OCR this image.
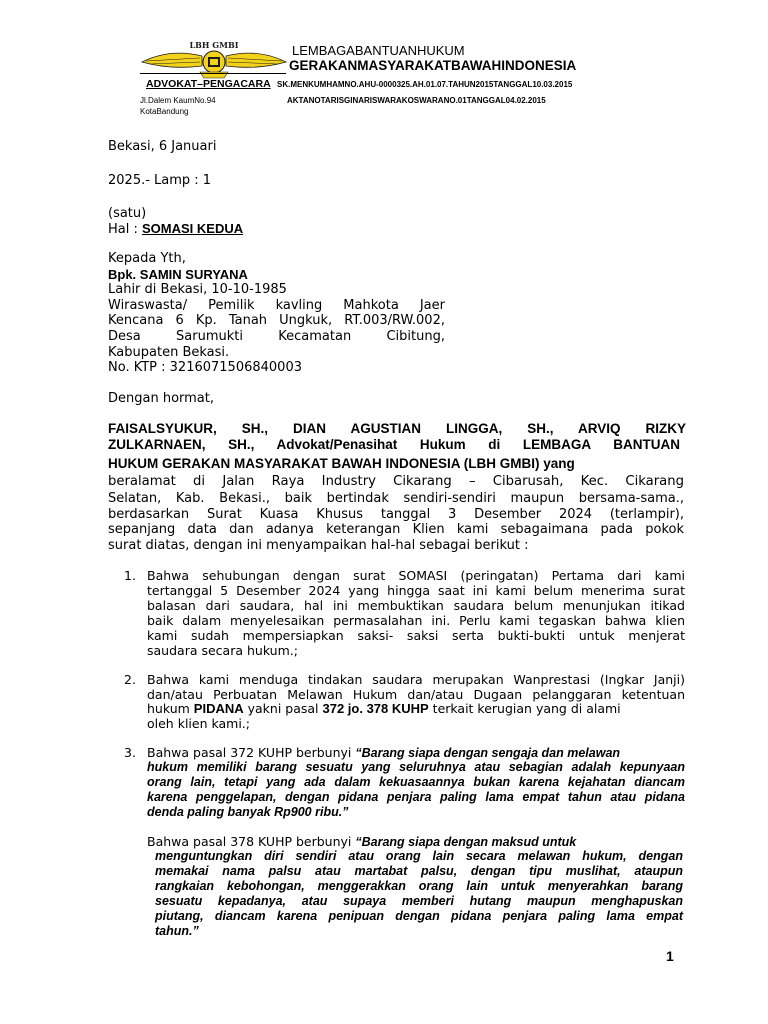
LBH GMBI	LEMBAGABANTUANHUKUM
GERAKANMASYARAKATBAWAHINDONESIA
ADVOKAT–PENGACARA SK.MENKUMHAMNO.AHU-0000325.AH.01.07.TAHUN2015TANGGAL10.03.2015
Jl.Dalem KaumNo.94
KotaBandung
AKTANOTARISGINARISWARAKOSWARANO.01TANGGAL04.02.2015
Bekasi, 6 Januari
2025.- Lamp : 1
(satu)
Hal : SOMASI KEDUA
Kepada Yth,
Bpk. SAMIN SURYANA
Lahir di Bekasi, 10-10-1985
Wiraswasta/ Pemilik kavling Mahkota Jaer
Kencana 6 Kp. Tanah Ungkuk, RT.003/RW.002,
Desa Sarumukti Kecamatan Cibitung,
Kabupaten Bekasi.
No. KTP : 3216071506840003
Dengan hormat,
FAISALSYUKUR, SH., DIAN AGUSTIAN LINGGA, SH., ARVIQ RIZKY
ZULKARNAEN, SH., Advokat/Penasihat Hukum di LEMBAGA BANTUAN
HUKUM GERAKAN MASYARAKAT BAWAH INDONESIA (LBH GMBI) yang
beralamat di Jalan Raya Industry Cikarang – Cibarusah, Kec. Cikarang
Selatan, Kab. Bekasi., baik bertindak sendiri-sendiri maupun bersama-sama.,
berdasarkan Surat Kuasa Khusus tanggal 3 Desember 2024 (terlampir),
sepanjang data dan adanya keterangan Klien kami sebagaimana pada pokok
surat diatas, dengan ini menyampaikan hal-hal sebagai berikut :
1. Bahwa sehubungan dengan surat SOMASI (peringatan) Pertama dari kami
tertanggal 5 Desember 2024 yang hingga saat ini kami belum menerima surat
balasan dari saudara, hal ini membuktikan saudara belum menunjukan itikad
baik dalam menyelesaikan permasalahan ini. Perlu kami tegaskan bahwa klien
kami sudah mempersiapkan saksi- saksi serta bukti-bukti untuk menjerat
saudara secara hukum.;
2. Bahwa kami menduga tindakan saudara merupakan Wanprestasi (Ingkar Janji)
dan/atau Perbuatan Melawan Hukum dan/atau Dugaan pelanggaran ketentuan
hukum PIDANA yakni pasal 372 jo. 378 KUHP terkait kerugian yang di alami
oleh klien kami.;
3. Bahwa pasal 372 KUHP berbunyi “Barang siapa dengan sengaja dan melawan
hukum memiliki barang sesuatu yang seluruhnya atau sebagian adalah kepunyaan
orang lain, tetapi yang ada dalam kekuasaannya bukan karena kejahatan diancam
karena penggelapan, dengan pidana penjara paling lama empat tahun atau pidana
denda paling banyak Rp900 ribu.”
Bahwa pasal 378 KUHP berbunyi “Barang siapa dengan maksud untuk
menguntungkan diri sendiri atau orang lain secara melawan hukum, dengan
memakai nama palsu atau martabat palsu, dengan tipu muslihat, ataupun
rangkaian kebohongan, menggerakkan orang lain untuk menyerahkan barang
sesuatu kepadanya, atau supaya memberi hutang maupun menghapuskan
piutang, diancam karena penipuan dengan pidana penjara paling lama empat
tahun.”
1
